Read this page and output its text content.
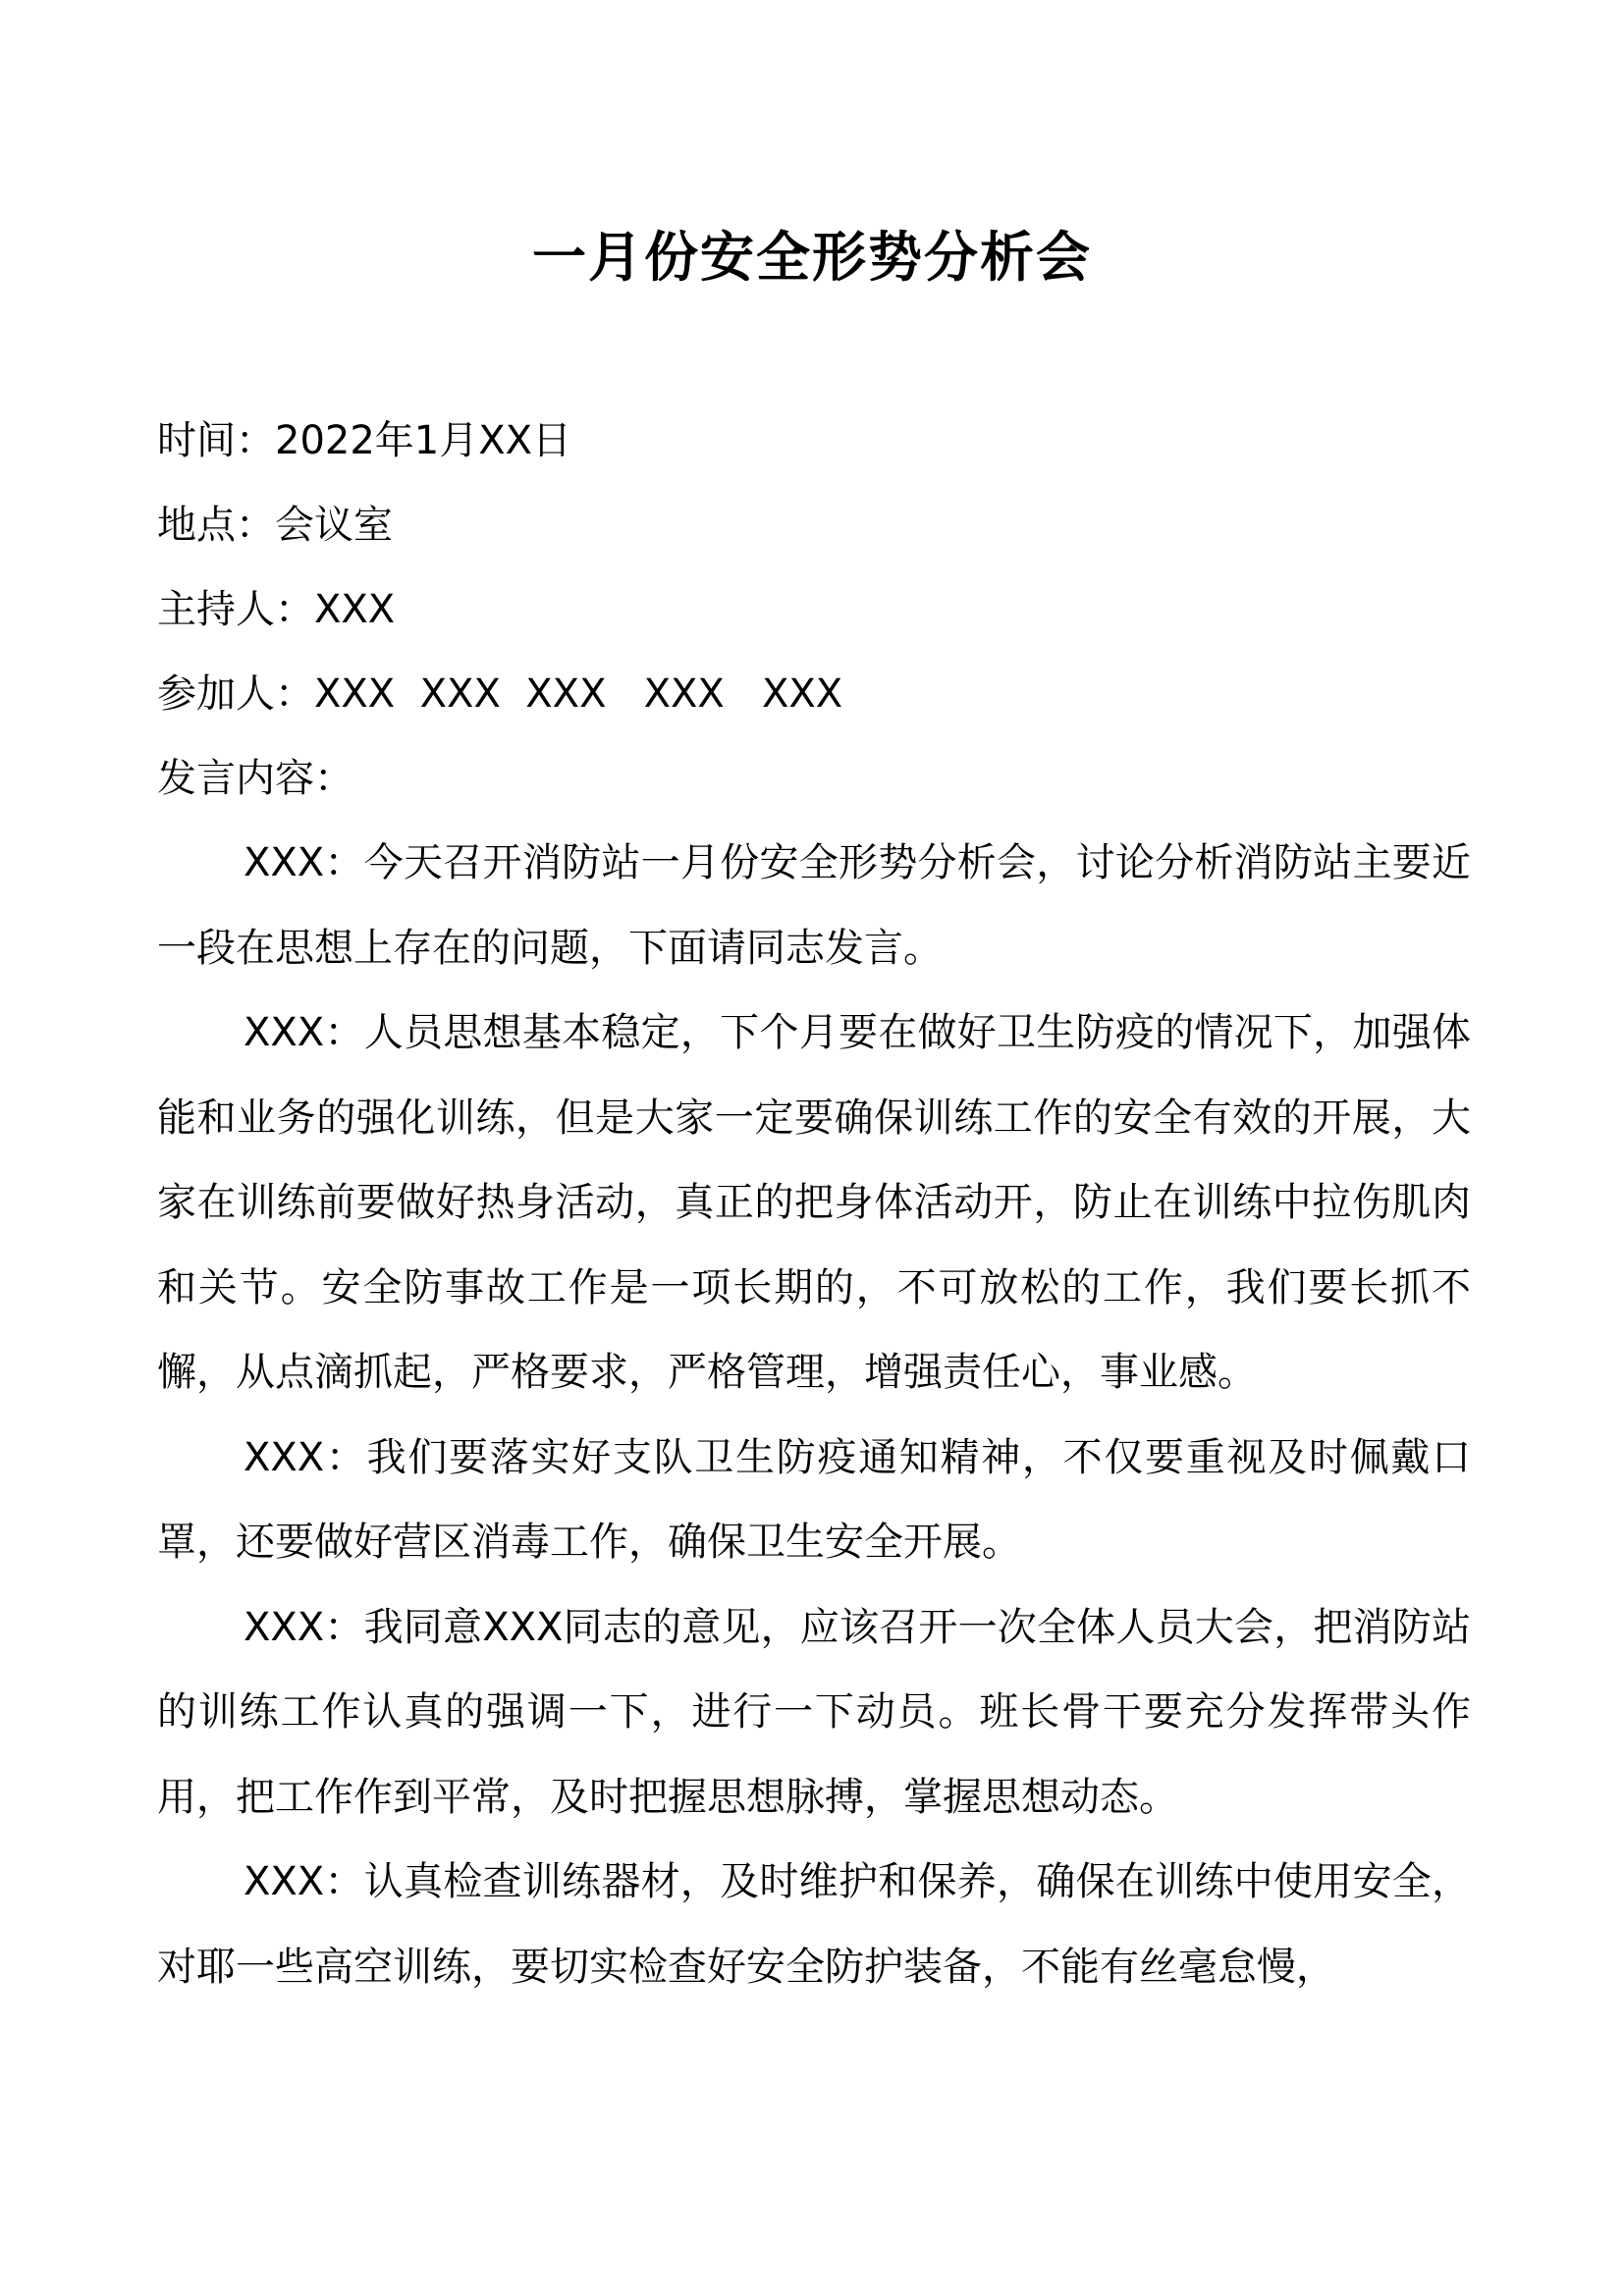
一月份安全形势分析会

时间：2022年1月XX日

地点：会议室

主持人：XXX

参加人：XXX  XXX  XXX   XXX   XXX

发言内容：

XXX：今天召开消防站一月份安全形势分析会，讨论分析消防站主要近一段在思想上存在的问题，下面请同志发言。

XXX：人员思想基本稳定，下个月要在做好卫生防疫的情况下，加强体能和业务的强化训练，但是大家一定要确保训练工作的安全有效的开展，大家在训练前要做好热身活动，真正的把身体活动开，防止在训练中拉伤肌肉和关节。安全防事故工作是一项长期的，不可放松的工作，我们要长抓不懈，从点滴抓起，严格要求，严格管理，增强责任心，事业感。

XXX：我们要落实好支队卫生防疫通知精神，不仅要重视及时佩戴口罩，还要做好营区消毒工作，确保卫生安全开展。

XXX：我同意XXX同志的意见，应该召开一次全体人员大会，把消防站的训练工作认真的强调一下，进行一下动员。班长骨干要充分发挥带头作用，把工作作到平常，及时把握思想脉搏，掌握思想动态。

XXX：认真检查训练器材，及时维护和保养，确保在训练中使用安全，对耶一些高空训练，要切实检查好安全防护装备，不能有丝毫怠慢，
